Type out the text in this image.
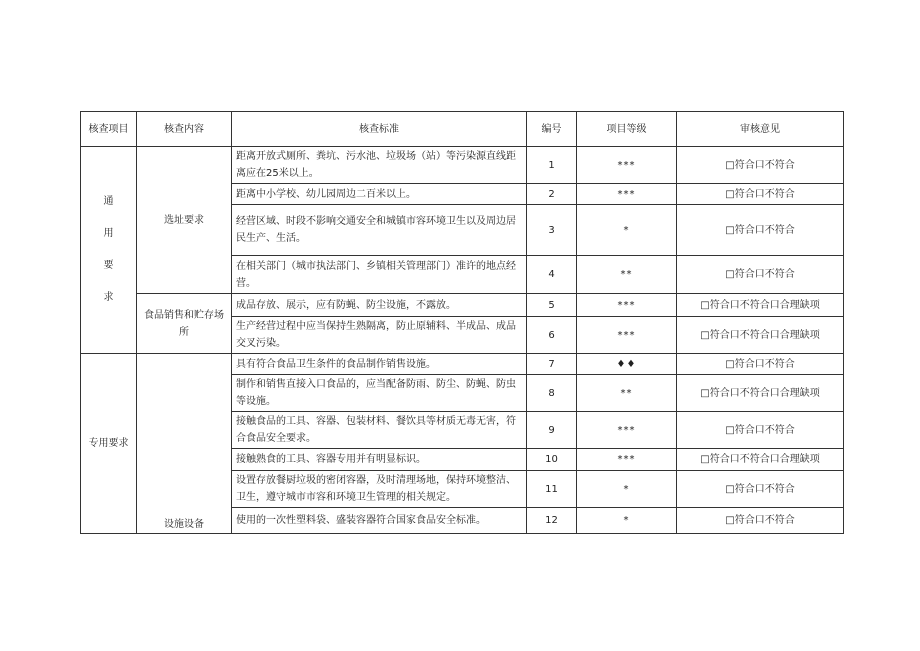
核查项目	核查内容	核查标准	编号	项目等级	审核意见

通
用
要
求	选址要求	距离开放式厕所、粪坑、污水池、垃圾场（站）等污染源直线距离应在25米以上。	1	***	□符合口不符合
		距离中小学校、幼儿园周边二百米以上。	2	***	□符合口不符合
		经营区域、时段不影响交通安全和城镇市容环境卫生以及周边居民生产、生活。	3	*	□符合口不符合
		在相关部门（城市执法部门、乡镇相关管理部门）准许的地点经营。	4	**	□符合口不符合
	食品销售和贮存场所	成品存放、展示，应有防蝇、防尘设施，不露放。	5	***	□符合口不符合口合理缺项
		生产经营过程中应当保持生熟隔离，防止原辅料、半成品、成品交叉污染。	6	***	□符合口不符合口合理缺项
专用要求	设施设备	具有符合食品卫生条件的食品制作销售设施。	7	♦♦	□符合口不符合
		制作和销售直接入口食品的，应当配备防雨、防尘、防蝇、防虫等设施。	8	**	□符合口不符合口合理缺项
		接触食品的工具、容器、包装材料、餐饮具等材质无毒无害，符合食品安全要求。	9	***	□符合口不符合
		接触熟食的工具、容器专用并有明显标识。	10	***	□符合口不符合口合理缺项
		设置存放餐厨垃圾的密闭容器，及时清理场地，保持环境整洁、卫生，遵守城市市容和环境卫生管理的相关规定。	11	*	□符合口不符合
		使用的一次性塑料袋、盛装容器符合国家食品安全标准。	12	*	□符合口不符合
